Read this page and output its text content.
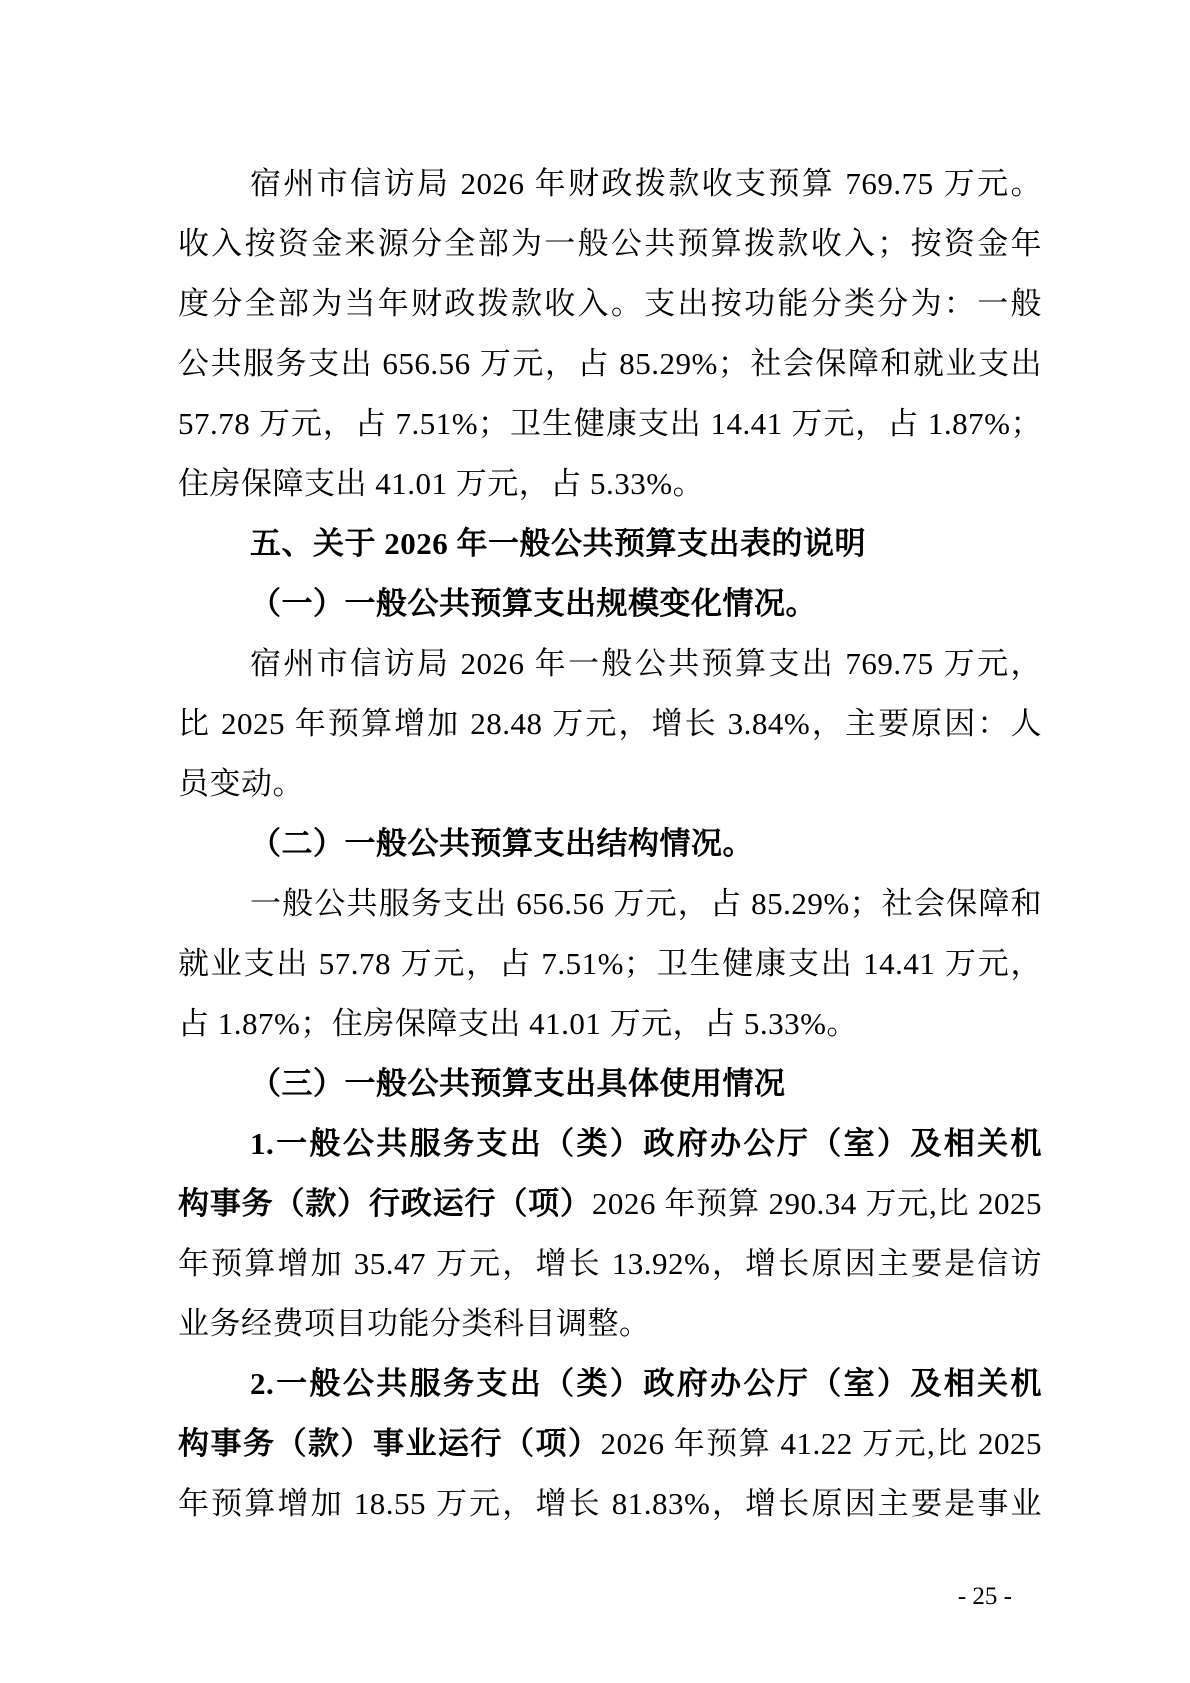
宿州市信访局 2026 年财政拨款收支预算 769.75 万元。
收入按资金来源分全部为一般公共预算拨款收入；按资金年
度分全部为当年财政拨款收入。支出按功能分类分为：一般
公共服务支出 656.56 万元，占 85.29%；社会保障和就业支出
57.78 万元，占 7.51%；卫生健康支出 14.41 万元，占 1.87%；
住房保障支出 41.01 万元，占 5.33%。
五、关于 2026 年一般公共预算支出表的说明
（一）一般公共预算支出规模变化情况。
宿州市信访局 2026 年一般公共预算支出 769.75 万元，
比 2025 年预算增加 28.48 万元，增长 3.84%，主要原因：人
员变动。
（二）一般公共预算支出结构情况。
一般公共服务支出 656.56 万元，占 85.29%；社会保障和
就业支出 57.78 万元，占 7.51%；卫生健康支出 14.41 万元，
占 1.87%；住房保障支出 41.01 万元，占 5.33%。
（三）一般公共预算支出具体使用情况
1.一般公共服务支出（类）政府办公厅（室）及相关机
构事务（款）行政运行（项）2026 年预算 290.34 万元,比 2025
年预算增加 35.47 万元，增长 13.92%，增长原因主要是信访
业务经费项目功能分类科目调整。
2.一般公共服务支出（类）政府办公厅（室）及相关机
构事务（款）事业运行（项）2026 年预算 41.22 万元,比 2025
年预算增加 18.55 万元，增长 81.83%，增长原因主要是事业
- 25 -
